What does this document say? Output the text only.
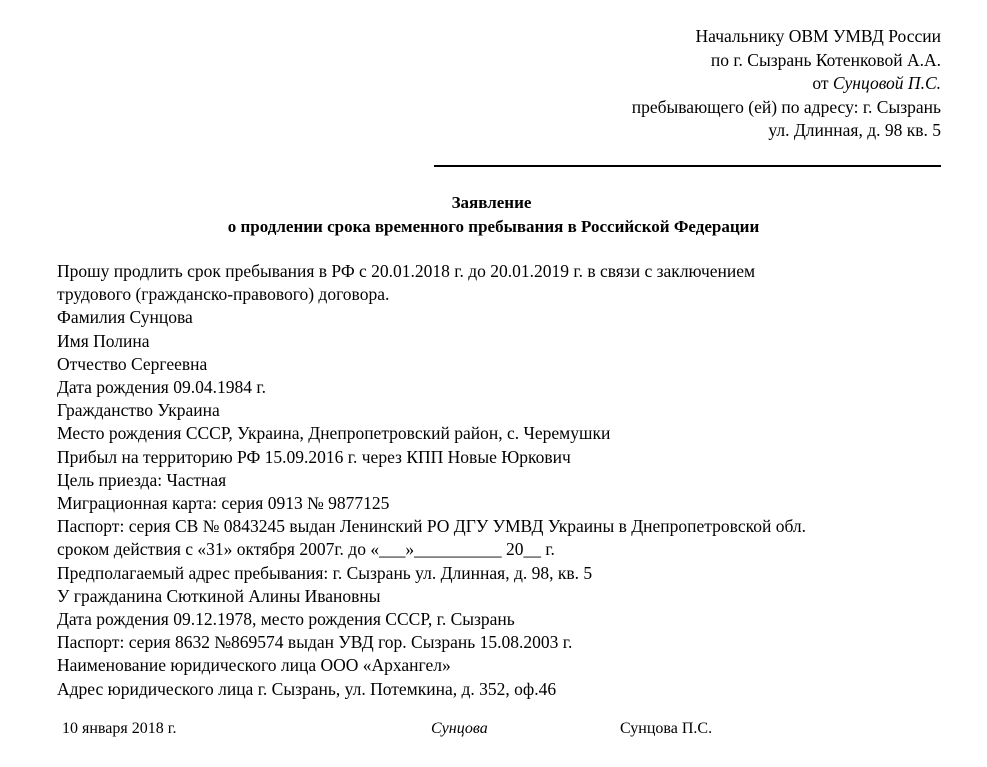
Начальнику ОВМ УМВД России
по г. Сызрань Котенковой А.А.
от Сунцовой П.С.
пребывающего (ей) по адресу: г. Сызрань
ул. Длинная, д. 98 кв. 5
Заявление
о продлении срока временного пребывания в Российской Федерации
Прошу продлить срок пребывания в РФ с 20.01.2018 г. до 20.01.2019 г. в связи с заключением
трудового (гражданско-правового) договора.
Фамилия Сунцова
Имя Полина
Отчество Сергеевна
Дата рождения 09.04.1984 г.
Гражданство Украина
Место рождения СССР, Украина, Днепропетровский район, с. Черемушки
Прибыл на территорию РФ 15.09.2016 г. через КПП Новые Юркович
Цель приезда: Частная
Миграционная карта: серия 0913 № 9877125
Паспорт: серия СВ № 0843245 выдан Ленинский РО ДГУ УМВД Украины в Днепропетровской обл.
сроком действия с «31» октября 2007г. до «___»__________ 20__ г.
Предполагаемый адрес пребывания: г. Сызрань ул. Длинная, д. 98, кв. 5
У гражданина Сюткиной Алины Ивановны
Дата рождения 09.12.1978, место рождения СССР, г. Сызрань
Паспорт: серия 8632 №869574 выдан УВД гор. Сызрань 15.08.2003 г.
Наименование юридического лица ООО «Архангел»
Адрес юридического лица г. Сызрань, ул. Потемкина, д. 352, оф.46
10 января 2018 г.	Сунцова	Сунцова П.С.
